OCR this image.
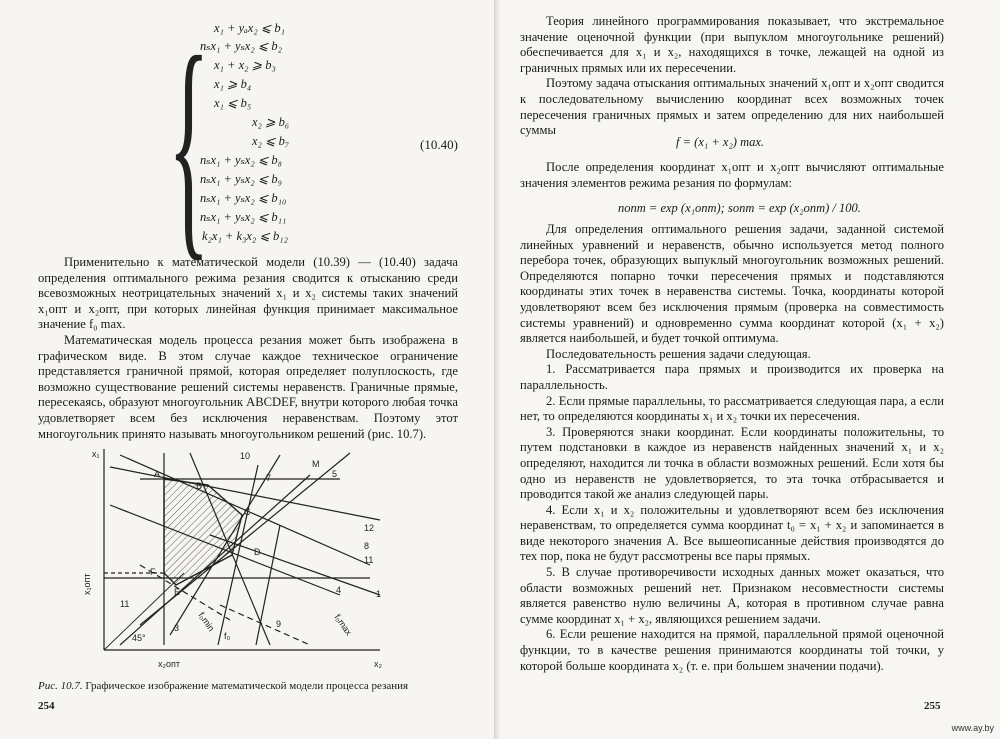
{ x₁ + yₐx₂ ⩽ b₁
nₛx₁ + yₛx₂ ⩽ b₂
x₁ + x₂ ⩾ b₃
x₁ ⩾ b₄
x₁ ⩽ b₅
x₂ ⩾ b₆
x₂ ⩽ b₇
nₛx₁ + yₛx₂ ⩽ b₈
nₛx₁ + yₛx₂ ⩽ b₉
nₛx₁ + yₛx₂ ⩽ b₁₀
nₛx₁ + yₛx₂ ⩽ b₁₁
k₂x₁ + k₃x₂ ⩽ b₁₂
(10.40)

Применительно к математической модели (10.39) — (10.40) задача определения оптимального режима резания сводится к отысканию среди всевозможных неотрицательных значений x₁ и x₂ системы таких значений x₁опт и x₂опт, при которых линейная функция принимает максимальное значение f₀ max.

Математическая модель процесса резания может быть изображена в графическом виде. В этом случае каждое техническое ограничение представляется граничной прямой, которая определяет полуплоскость, где возможно существование решений системы неравенств. Граничные прямые, пересекаясь, образуют многоугольник ABCDEF, внутри которого любая точка удовлетворяет всем без исключения неравенствам. Поэтому этот многоугольник принято называть многоугольником решений (рис. 10.7).

x₁
x₂
x₂опт
x₁опт
45°
A
B
C
D
E
F
M
10
7	5
12
8
11
4	1
11
3	9
f₀min	f₀max
f₀
Рис. 10.7. Графическое изображение математической модели процесса резания
254

Теория линейного программирования показывает, что экстремальное значение оценочной функции (при выпуклом многоугольнике решений) обеспечивается для x₁ и x₂, находящихся в точке, лежащей на одной из граничных прямых или их пересечении.

Поэтому задача отыскания оптимальных значений x₁опт и x₂опт сводится к последовательному вычислению координат всех возможных точек пересечения граничных прямых и затем определению для них наибольшей суммы

f = (x₁ + x₂) max.

После определения координат x₁опт и x₂опт вычисляют оптимальные значения элементов режима резания по формулам:

nопт = exp (x₁опт); sопт = exp (x₂опт) / 100.

Для определения оптимального решения задачи, заданной системой линейных уравнений и неравенств, обычно используется метод полного перебора точек, образующих выпуклый многоугольник возможных решений. Определяются попарно точки пересечения прямых и подставляются координаты этих точек в неравенства системы. Точка, координаты которой удовлетворяют всем без исключения прямым (проверка на совместимость системы уравнений) и одновременно сумма координат которой (x₁ + x₂) является наибольшей, и будет точкой оптимума.

Последовательность решения задачи следующая.

1. Рассматривается пара прямых и производится их проверка на параллельность.

2. Если прямые параллельны, то рассматривается следующая пара, а если нет, то определяются координаты x₁ и x₂ точки их пересечения.

3. Проверяются знаки координат. Если координаты положительны, то путем подстановки в каждое из неравенств найденных значений x₁ и x₂ определяют, находится ли точка в области возможных решений. Если хотя бы одно из неравенств не удовлетворяется, то эта точка отбрасывается и проводится такой же анализ следующей пары.

4. Если x₁ и x₂ положительны и удовлетворяют всем без исключения неравенствам, то определяется сумма координат t₀ = x₁ + x₂ и запоминается в виде некоторого значения A. Все вышеописанные действия производятся до тех пор, пока не будут рассмотрены все пары прямых.

5. В случае противоречивости исходных данных может оказаться, что области возможных решений нет. Признаком несовместности системы является равенство нулю величины A, которая в противном случае равна сумме координат x₁ + x₂, являющихся решением задачи.

6. Если решение находится на прямой, параллельной прямой оценочной функции, то в качестве решения принимаются координаты той точки, у которой больше координата x₂ (т. е. при большем значении подачи).

255
www.ay.by
